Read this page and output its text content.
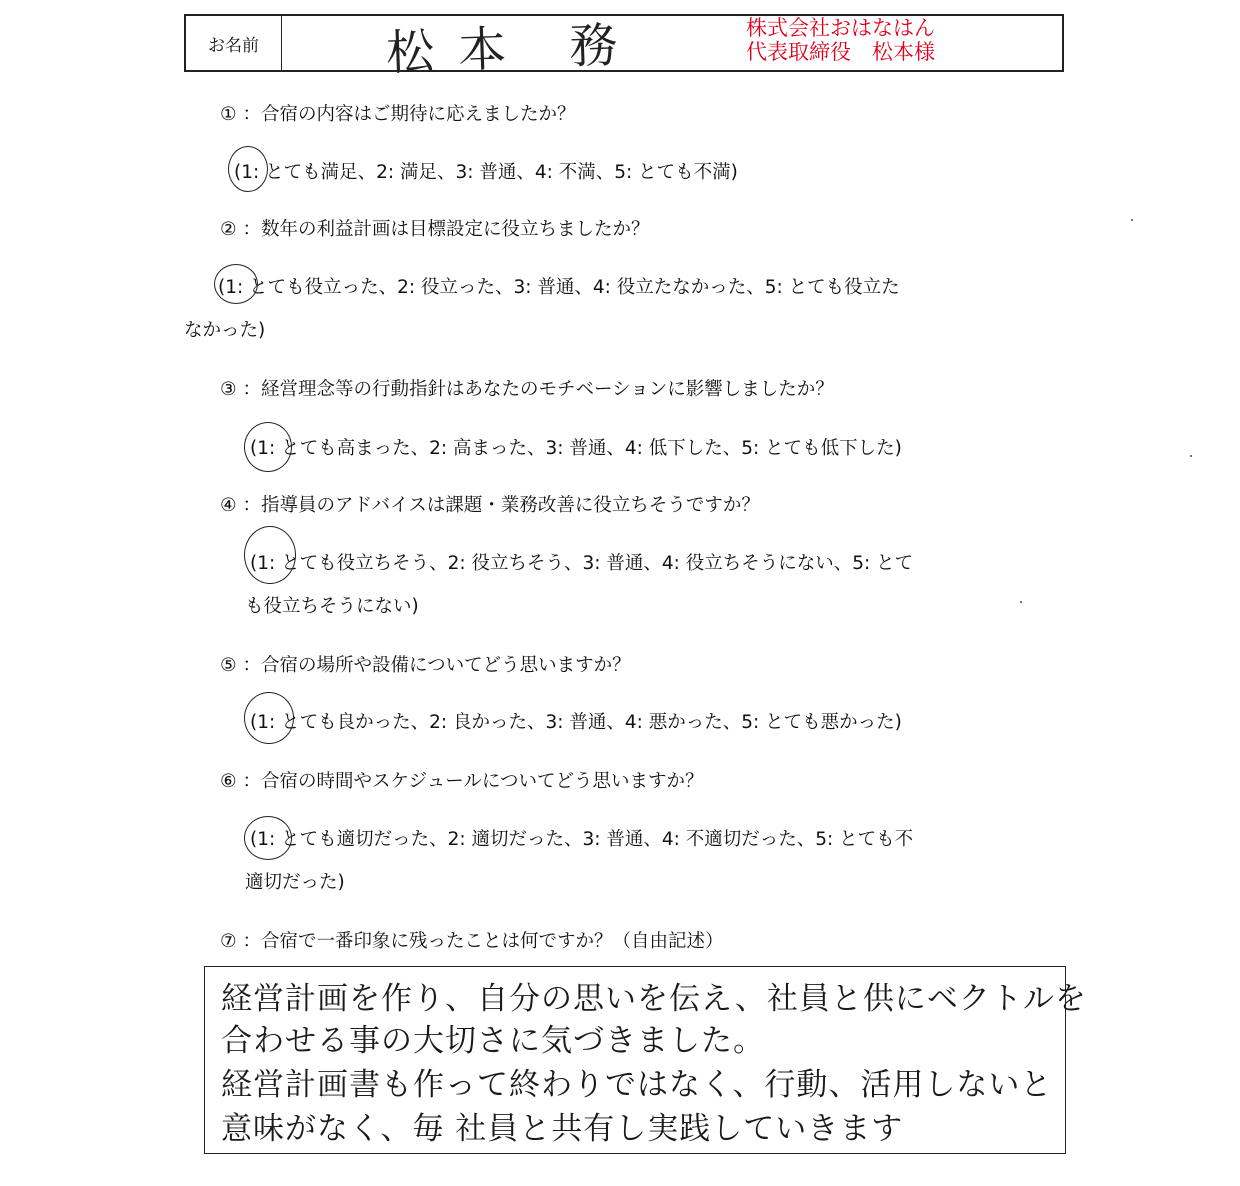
お名前	松本 務	株式会社おはなはん
代表取締役　松本様
① ：合宿の内容はご期待に応えましたか？
(1: とても満足、2: 満足、3: 普通、4: 不満、5: とても不満)
② ：数年の利益計画は目標設定に役立ちましたか？
(1: とても役立った、2: 役立った、3: 普通、4: 役立たなかった、5: とても役立た
なかった)
③ ：経営理念等の行動指針はあなたのモチベーションに影響しましたか？
(1: とても高まった、2: 高まった、3: 普通、4: 低下した、5: とても低下した)
④ ：指導員のアドバイスは課題・業務改善に役立ちそうですか？
(1: とても役立ちそう、2: 役立ちそう、3: 普通、4: 役立ちそうにない、5: とて
も役立ちそうにない)
⑤ ：合宿の場所や設備についてどう思いますか？
(1: とても良かった、2: 良かった、3: 普通、4: 悪かった、5: とても悪かった)
⑥ ：合宿の時間やスケジュールについてどう思いますか？
(1: とても適切だった、2: 適切だった、3: 普通、4: 不適切だった、5: とても不
適切だった)
⑦ ：合宿で一番印象に残ったことは何ですか？（自由記述）
経営計画を作り、自分の思いを伝え、社員と供にベクトルを
合わせる事の大切さに気づきました。
経営計画書も作って終わりではなく、行動、活用しないと
意味がなく、毎 社員と共有し実践していきます
